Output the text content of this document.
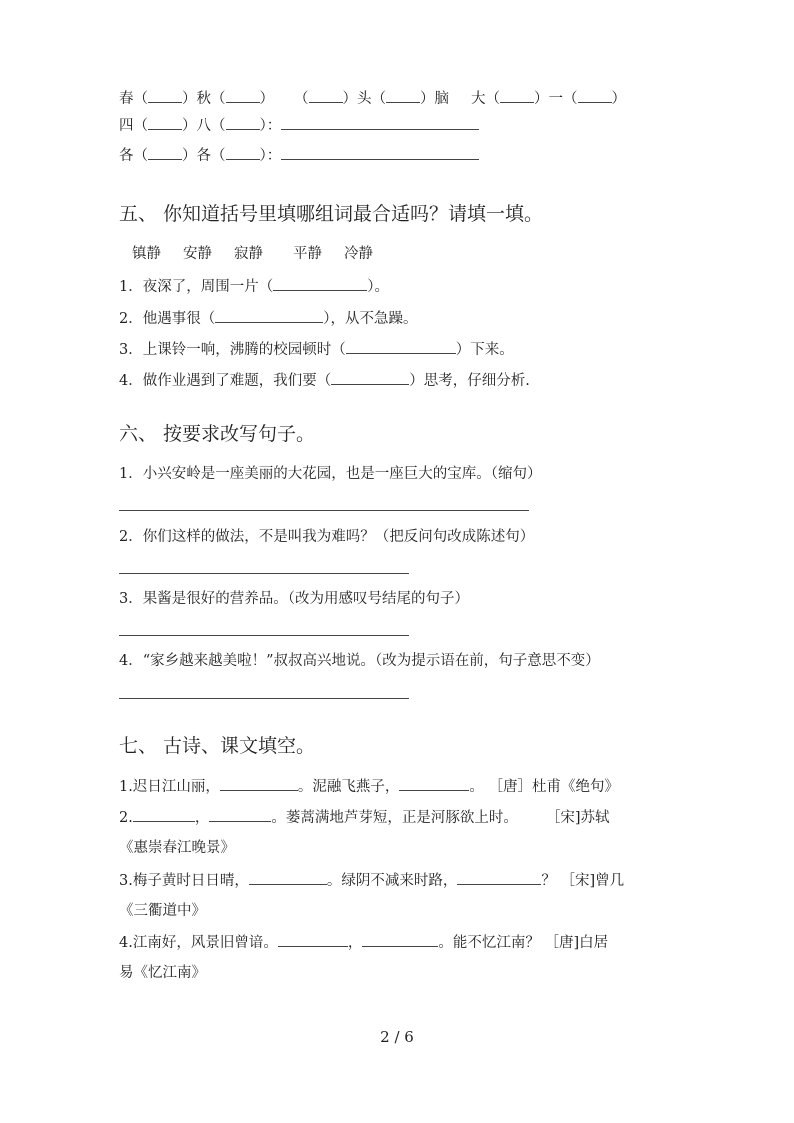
春（ ）秋（ ） （ ）头（ ）脑 大（ ）一（ ）
四（ ）八（ ）：
各（ ）各（ ）：
五、 你知道括号里填哪组词最合适吗？请填一填。
镇静 安静 寂静 平静 冷静
1．夜深了，周围一片（	）。
2．他遇事很（	），从不急躁。
3．上课铃一响，沸腾的校园顿时（	）下来。
4．做作业遇到了难题，我们要（	）思考，仔细分析.
六、 按要求改写句子。
1．小兴安岭是一座美丽的大花园，也是一座巨大的宝库。（缩句）
2．你们这样的做法，不是叫我为难吗？（把反问句改成陈述句）
3．果酱是很好的营养品。（改为用感叹号结尾的句子）
4．“家乡越来越美啦！”叔叔高兴地说。（改为提示语在前，句子意思不变）
七、 古诗、课文填空。
1.迟日江山丽，	。泥融飞燕子，	。 ［唐］杜甫《绝句》
2.	，	。蒌蒿满地芦芽短，正是河豚欲上时。 ［宋]苏轼
《惠崇春江晚景》
3.梅子黄时日日晴，	。绿阴不减来时路，	？ ［宋]曾几
《三衢道中》
4.江南好，风景旧曾谙。	，	。能不忆江南？ ［唐]白居
易《忆江南》
2 / 6
